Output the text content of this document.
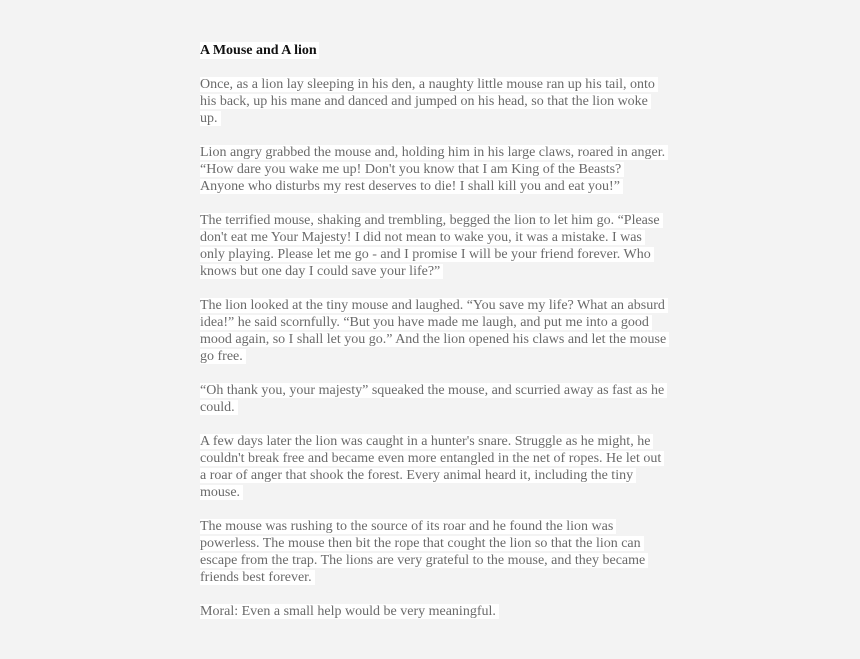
A Mouse and A lion
Once, as a lion lay sleeping in his den, a naughty little mouse ran up his tail, onto
his back, up his mane and danced and jumped on his head, so that the lion woke
up.
Lion angry grabbed the mouse and, holding him in his large claws, roared in anger.
“How dare you wake me up! Don't you know that I am King of the Beasts?
Anyone who disturbs my rest deserves to die! I shall kill you and eat you!”
The terrified mouse, shaking and trembling, begged the lion to let him go. “Please
don't eat me Your Majesty! I did not mean to wake you, it was a mistake. I was
only playing. Please let me go - and I promise I will be your friend forever. Who
knows but one day I could save your life?”
The lion looked at the tiny mouse and laughed. “You save my life? What an absurd
idea!” he said scornfully. “But you have made me laugh, and put me into a good
mood again, so I shall let you go.” And the lion opened his claws and let the mouse
go free.
“Oh thank you, your majesty” squeaked the mouse, and scurried away as fast as he
could.
A few days later the lion was caught in a hunter's snare. Struggle as he might, he
couldn't break free and became even more entangled in the net of ropes. He let out
a roar of anger that shook the forest. Every animal heard it, including the tiny
mouse.
The mouse was rushing to the source of its roar and he found the lion was
powerless. The mouse then bit the rope that cought the lion so that the lion can
escape from the trap. The lions are very grateful to the mouse, and they became
friends best forever.
Moral: Even a small help would be very meaningful.
